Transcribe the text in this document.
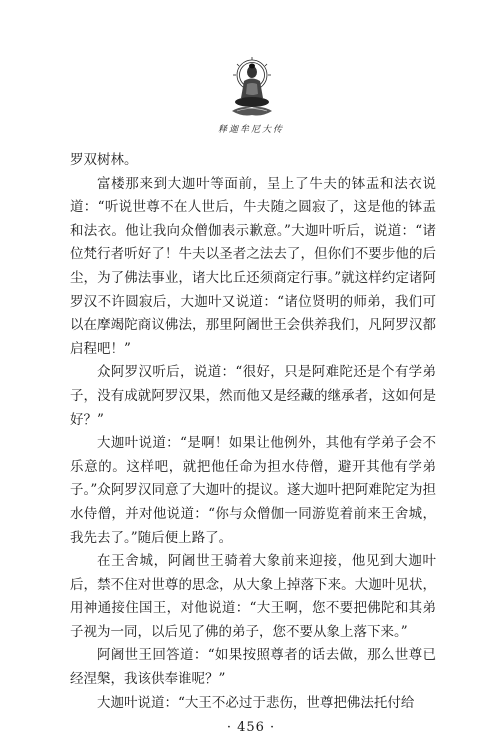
释迦牟尼大传

罗双树林。

富楼那来到大迦叶等面前，呈上了牛夫的钵盂和法衣说道：“听说世尊不在人世后，牛夫随之圆寂了，这是他的钵盂和法衣。他让我向众僧伽表示歉意。”大迦叶听后，说道：“诸位梵行者听好了！牛夫以圣者之法去了，但你们不要步他的后尘，为了佛法事业，诸大比丘还须商定行事。”就这样约定诸阿罗汉不许圆寂后，大迦叶又说道：“诸位贤明的师弟，我们可以在摩竭陀商议佛法，那里阿阇世王会供养我们，凡阿罗汉都启程吧！”

众阿罗汉听后，说道：“很好，只是阿难陀还是个有学弟子，没有成就阿罗汉果，然而他又是经藏的继承者，这如何是好？”

大迦叶说道：“是啊！如果让他例外，其他有学弟子会不乐意的。这样吧，就把他任命为担水侍僧，避开其他有学弟子。”众阿罗汉同意了大迦叶的提议。遂大迦叶把阿难陀定为担水侍僧，并对他说道：“你与众僧伽一同游览着前来王舍城，我先去了。”随后便上路了。

在王舍城，阿阇世王骑着大象前来迎接，他见到大迦叶后，禁不住对世尊的思念，从大象上掉落下来。大迦叶见状，用神通接住国王，对他说道：“大王啊，您不要把佛陀和其弟子视为一同，以后见了佛的弟子，您不要从象上落下来。”

阿阇世王回答道：“如果按照尊者的话去做，那么世尊已经涅槃，我该供奉谁呢？”

大迦叶说道：“大王不必过于悲伤，世尊把佛法托付给

· 456 ·
